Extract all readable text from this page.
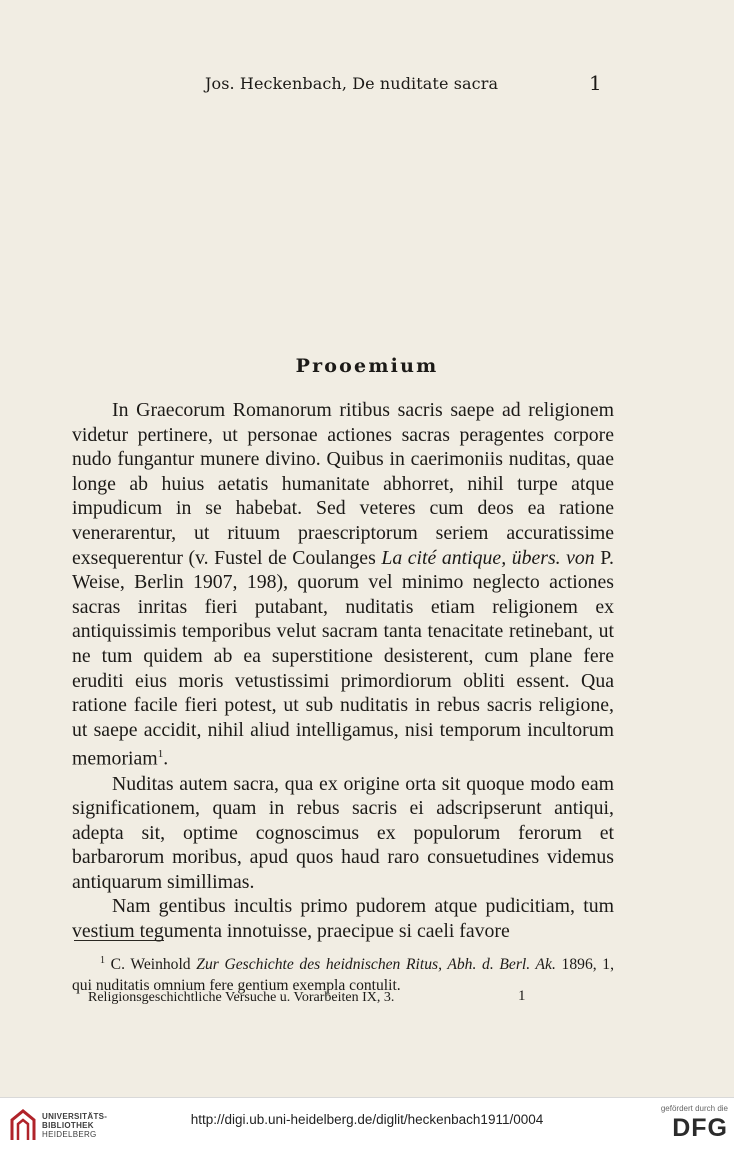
Jos. Heckenbach, De nuditate sacra	1
Prooemium

In Graecorum Romanorum ritibus sacris saepe ad religionem videtur pertinere, ut personae actiones sacras peragentes corpore nudo fungantur munere divino. Quibus in caerimoniis nuditas, quae longe ab huius aetatis humanitate abhorret, nihil turpe atque impudicum in se habebat. Sed veteres cum deos ea ratione venerarentur, ut rituum praescriptorum seriem accuratissime exsequerentur (v. Fustel de Coulanges La cité antique, übers. von P. Weise, Berlin 1907, 198), quorum vel minimo neglecto actiones sacras inritas fieri putabant, nuditatis etiam religionem ex antiquissimis temporibus velut sacram tanta tenacitate retinebant, ut ne tum quidem ab ea superstitione desisterent, cum plane fere eruditi eius moris vetustissimi primordiorum obliti essent. Qua ratione facile fieri potest, ut sub nuditatis in rebus sacris religione, ut saepe accidit, nihil aliud intelligamus, nisi temporum incultorum memoriam$^1$.

Nuditas autem sacra, qua ex origine orta sit quoque modo eam significationem, quam in rebus sacris ei adscripserunt antiqui, adepta sit, optime cognoscimus ex populorum ferorum et barbarorum moribus, apud quos haud raro consuetudines videmus antiquarum simillimas.

Nam gentibus incultis primo pudorem atque pudicitiam, tum vestium tegumenta innotuisse, praecipue si caeli favore

$^1$ C. Weinhold Zur Geschichte des heidnischen Ritus, Abh. d. Berl. Ak. 1896, 1, qui nuditatis omnium fere gentium exempla contulit.

Religionsgeschichtliche Versuche u. Vorarbeiten IX, 3.	1
UNIVERSITÄTS-
BIBLIOTHEK
HEIDELBERG
http://digi.ub.uni-heidelberg.de/diglit/heckenbach1911/0004
gefördert durch die
DFG
